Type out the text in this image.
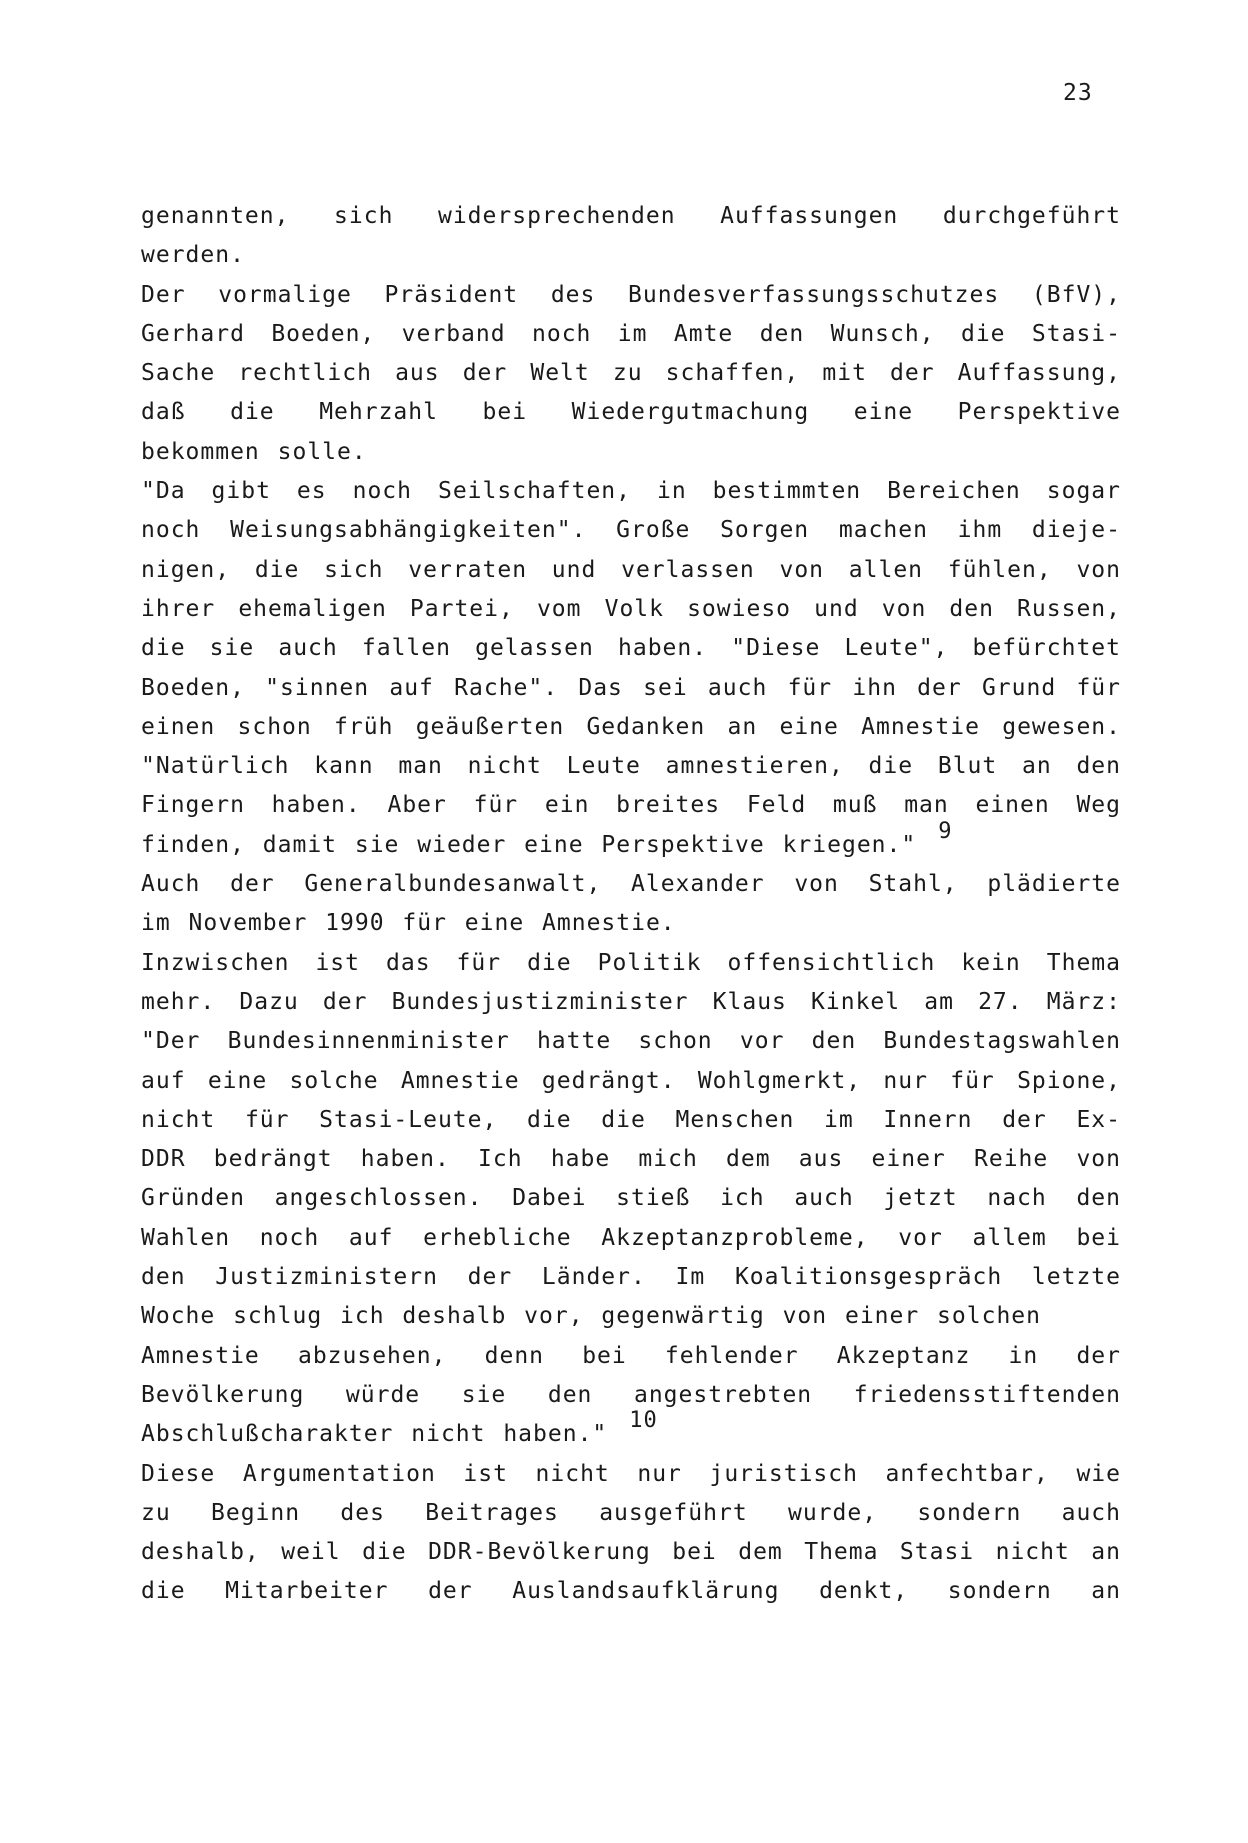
23
genannten, sich widersprechenden Auffassungen durchgeführt
werden.
Der vormalige Präsident des Bundesverfassungsschutzes (BfV),
Gerhard Boeden, verband noch im Amte den Wunsch, die Stasi-
Sache rechtlich aus der Welt zu schaffen, mit der Auffassung,
daß die Mehrzahl bei Wiedergutmachung eine Perspektive
bekommen solle.
"Da gibt es noch Seilschaften, in bestimmten Bereichen sogar
noch Weisungsabhängigkeiten". Große Sorgen machen ihm dieje-
nigen, die sich verraten und verlassen von allen fühlen, von
ihrer ehemaligen Partei, vom Volk sowieso und von den Russen,
die sie auch fallen gelassen haben. "Diese Leute", befürchtet
Boeden, "sinnen auf Rache". Das sei auch für ihn der Grund für
einen schon früh geäußerten Gedanken an eine Amnestie gewesen.
"Natürlich kann man nicht Leute amnestieren, die Blut an den
Fingern haben. Aber für ein breites Feld muß man einen Weg
finden, damit sie wieder eine Perspektive kriegen."9
Auch der Generalbundesanwalt, Alexander von Stahl, plädierte
im November 1990 für eine Amnestie.
Inzwischen ist das für die Politik offensichtlich kein Thema
mehr. Dazu der Bundesjustizminister Klaus Kinkel am 27. März:
"Der Bundesinnenminister hatte schon vor den Bundestagswahlen
auf eine solche Amnestie gedrängt. Wohlgmerkt, nur für Spione,
nicht für Stasi-Leute, die die Menschen im Innern der Ex-
DDR bedrängt haben. Ich habe mich dem aus einer Reihe von
Gründen angeschlossen. Dabei stieß ich auch jetzt nach den
Wahlen noch auf erhebliche Akzeptanzprobleme, vor allem bei
den Justizministern der Länder. Im Koalitionsgespräch letzte
Woche schlug ich deshalb vor, gegenwärtig von einer solchen
Amnestie abzusehen, denn bei fehlender Akzeptanz in der
Bevölkerung würde sie den angestrebten friedensstiftenden
Abschlußcharakter nicht haben."10
Diese Argumentation ist nicht nur juristisch anfechtbar, wie
zu Beginn des Beitrages ausgeführt wurde, sondern auch
deshalb, weil die DDR-Bevölkerung bei dem Thema Stasi nicht an
die Mitarbeiter der Auslandsaufklärung denkt, sondern an
